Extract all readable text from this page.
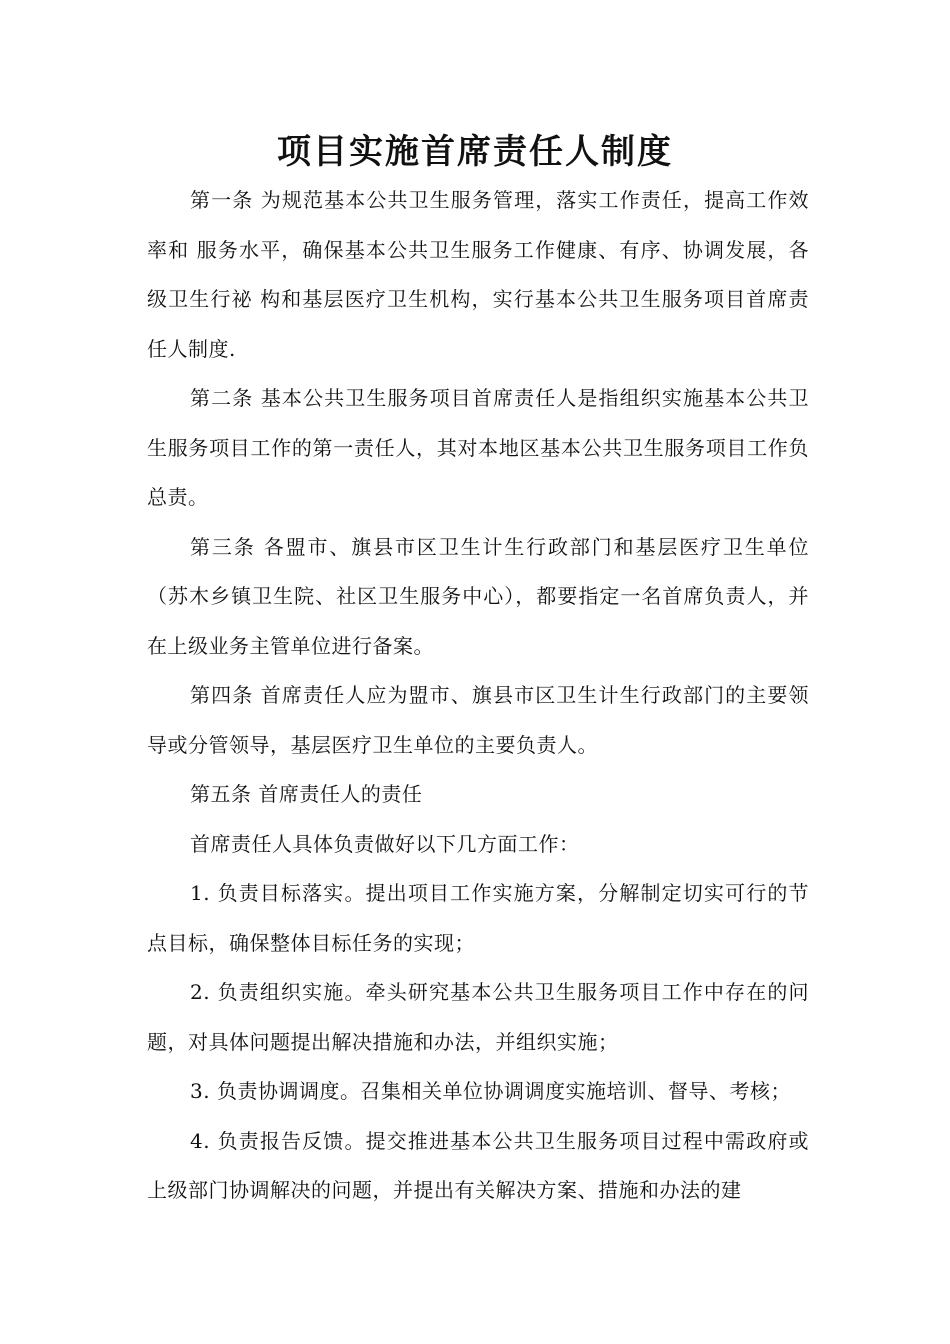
项目实施首席责任人制度

第一条 为规范基本公共卫生服务管理，落实工作责任，提高工作效率和 服务水平，确保基本公共卫生服务工作健康、有序、协调发展，各级卫生行祕 构和基层医疗卫生机构，实行基本公共卫生服务项目首席责任人制度.

第二条 基本公共卫生服务项目首席责任人是指组织实施基本公共卫生服务项目工作的第一责任人，其对本地区基本公共卫生服务项目工作负总责。

第三条 各盟市、旗县市区卫生计生行政部门和基层医疗卫生单位（苏木乡镇卫生院、社区卫生服务中心），都要指定一名首席负责人，并在上级业务主管单位进行备案。

第四条 首席责任人应为盟市、旗县市区卫生计生行政部门的主要领导或分管领导，基层医疗卫生单位的主要负责人。

第五条 首席责任人的责任

首席责任人具体负责做好以下几方面工作：

1. 负责目标落实。提出项目工作实施方案，分解制定切实可行的节点目标，确保整体目标任务的实现；

2. 负责组织实施。牵头研究基本公共卫生服务项目工作中存在的问题，对具体问题提出解决措施和办法，并组织实施；

3. 负责协调调度。召集相关单位协调调度实施培训、督导、考核；

4. 负责报告反馈。提交推进基本公共卫生服务项目过程中需政府或上级部门协调解决的问题，并提出有关解决方案、措施和办法的建
